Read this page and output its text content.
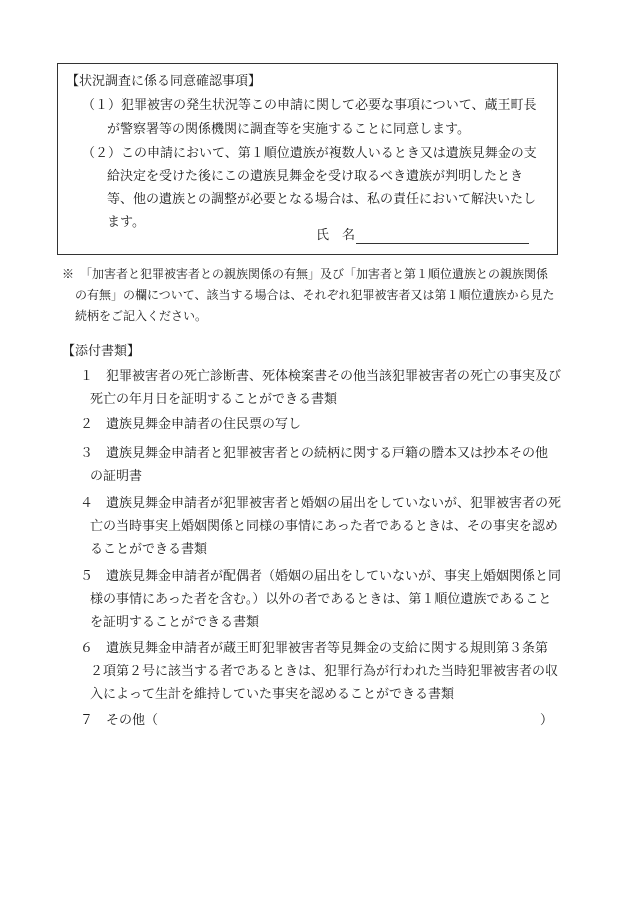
【状況調査に係る同意確認事項】
（１）犯罪被害の発生状況等この申請に関して必要な事項について、蔵王町長
が警察署等の関係機関に調査等を実施することに同意します。
（２）この申請において、第１順位遺族が複数人いるとき又は遺族見舞金の支
給決定を受けた後にこの遺族見舞金を受け取るべき遺族が判明したとき
等、他の遺族との調整が必要となる場合は、私の責任において解決いたし
ます。
氏　名
※　「加害者と犯罪被害者との親族関係の有無」及び「加害者と第１順位遺族との親族関係
の有無」の欄について、該当する場合は、それぞれ犯罪被害者又は第１順位遺族から見た
続柄をご記入ください。
【添付書類】
１　犯罪被害者の死亡診断書、死体検案書その他当該犯罪被害者の死亡の事実及び
死亡の年月日を証明することができる書類
２　遺族見舞金申請者の住民票の写し
３　遺族見舞金申請者と犯罪被害者との続柄に関する戸籍の謄本又は抄本その他
の証明書
４　遺族見舞金申請者が犯罪被害者と婚姻の届出をしていないが、犯罪被害者の死
亡の当時事実上婚姻関係と同様の事情にあった者であるときは、その事実を認め
ることができる書類
５　遺族見舞金申請者が配偶者（婚姻の届出をしていないが、事実上婚姻関係と同
様の事情にあった者を含む。）以外の者であるときは、第１順位遺族であること
を証明することができる書類
６　遺族見舞金申請者が蔵王町犯罪被害者等見舞金の支給に関する規則第３条第
２項第２号に該当する者であるときは、犯罪行為が行われた当時犯罪被害者の収
入によって生計を維持していた事実を認めることができる書類
７　その他（	）
